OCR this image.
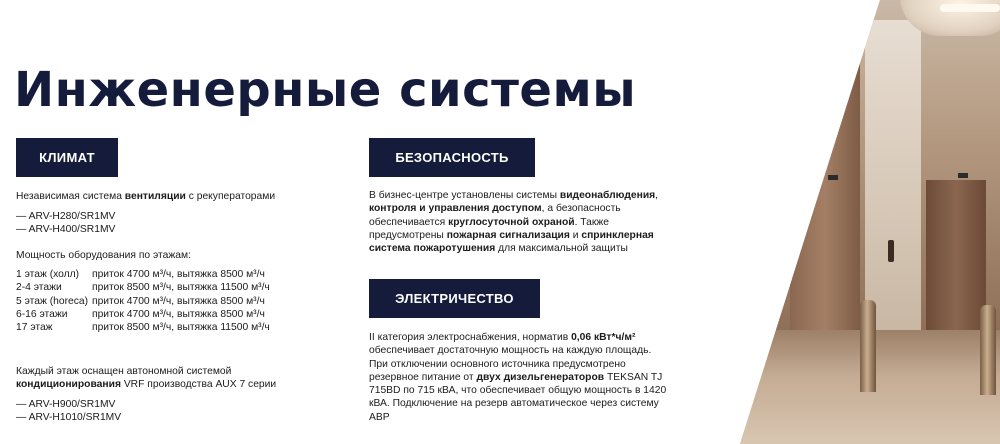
Инженерные системы
КЛИМАТ

Независимая система вентиляции с рекуператорами

— ARV-H280/SR1MV
— ARV-H400/SR1MV

Мощность оборудования по этажам:

1 этаж (холл)	приток 4700 м³/ч, вытяжка 8500 м³/ч
2-4 этажи	приток 8500 м³/ч, вытяжка 11500 м³/ч
5 этаж (horeca)	приток 4700 м³/ч, вытяжка 8500 м³/ч
6-16 этажи	приток 4700 м³/ч, вытяжка 8500 м³/ч
17 этаж	приток 8500 м³/ч, вытяжка 11500 м³/ч

Каждый этаж оснащен автономной системой
кондиционирования VRF производства AUX 7 серии

— ARV-H900/SR1MV
— ARV-H1010/SR1MV
БЕЗОПАСНОСТЬ

В бизнес-центре установлены системы видеонаблюдения,
контроля и управления доступом, а безопасность обеспечивается круглосуточной охраной. Также предусмотрены пожарная сигнализация и спринклерная система пожаротушения для максимальной защиты

ЭЛЕКТРИЧЕСТВО

II категория электроснабжения, норматив 0,06 кВт*ч/м² обеспечивает достаточную мощность на каждую площадь. При отключении основного источника предусмотрено резервное питание от двух дизельгенераторов TEKSAN TJ 715BD по 715 кВА, что обеспечивает общую мощность в 1420 кВА. Подключение на резерв автоматическое через систему АВР
